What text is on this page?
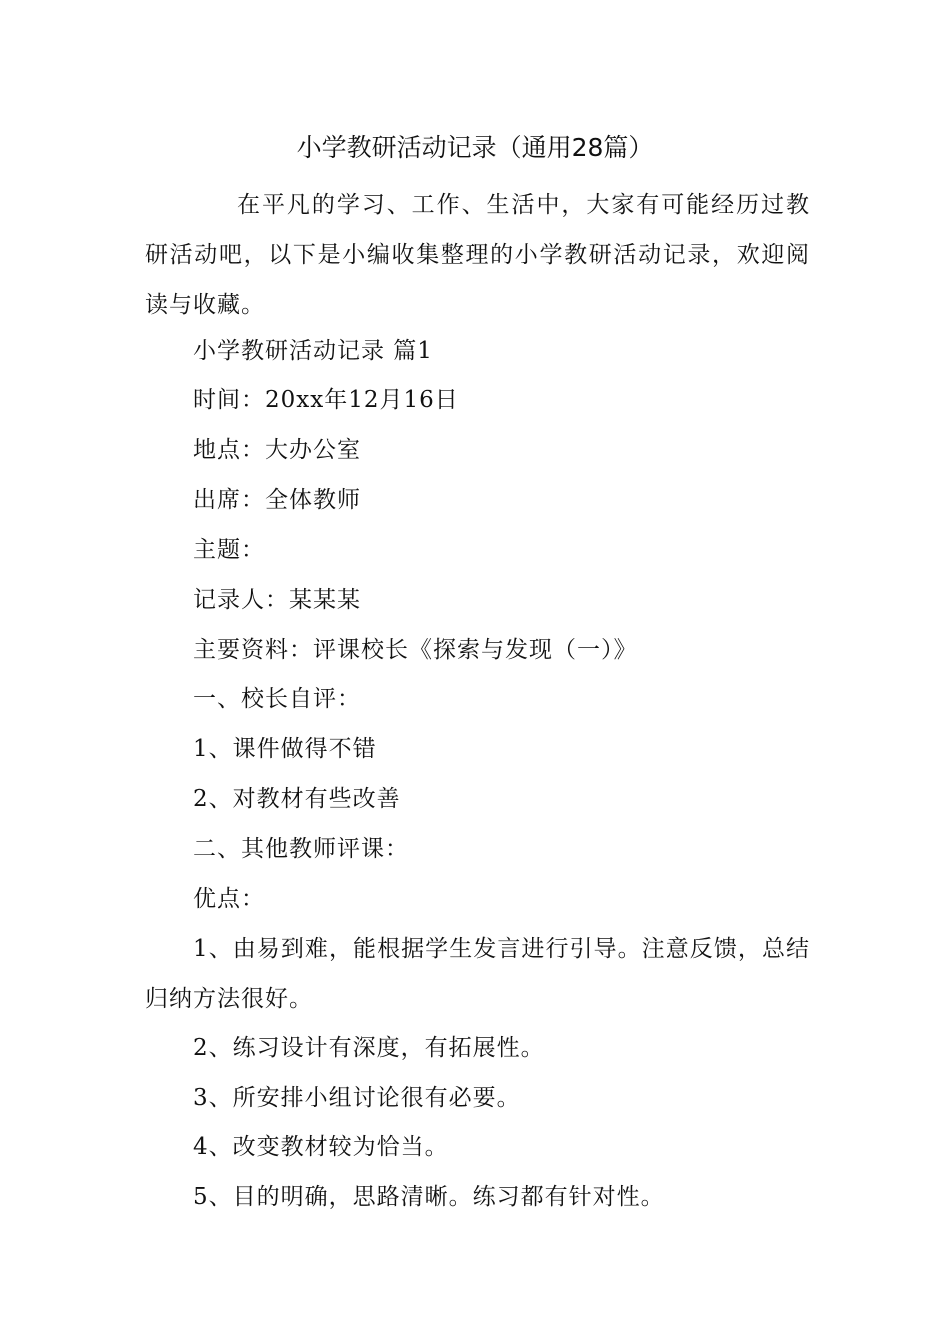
小学教研活动记录（通用28篇）

在平凡的学习、工作、生活中，大家有可能经历过教研活动吧，以下是小编收集整理的小学教研活动记录，欢迎阅读与收藏。

小学教研活动记录 篇1

时间：20xx年12月16日

地点：大办公室

出席：全体教师

主题：

记录人：某某某

主要资料：评课校长《探索与发现（一）》

一、校长自评：

1、课件做得不错

2、对教材有些改善

二、其他教师评课：

优点：

1、由易到难，能根据学生发言进行引导。注意反馈，总结归纳方法很好。

2、练习设计有深度，有拓展性。

3、所安排小组讨论很有必要。

4、改变教材较为恰当。

5、目的明确，思路清晰。练习都有针对性。
